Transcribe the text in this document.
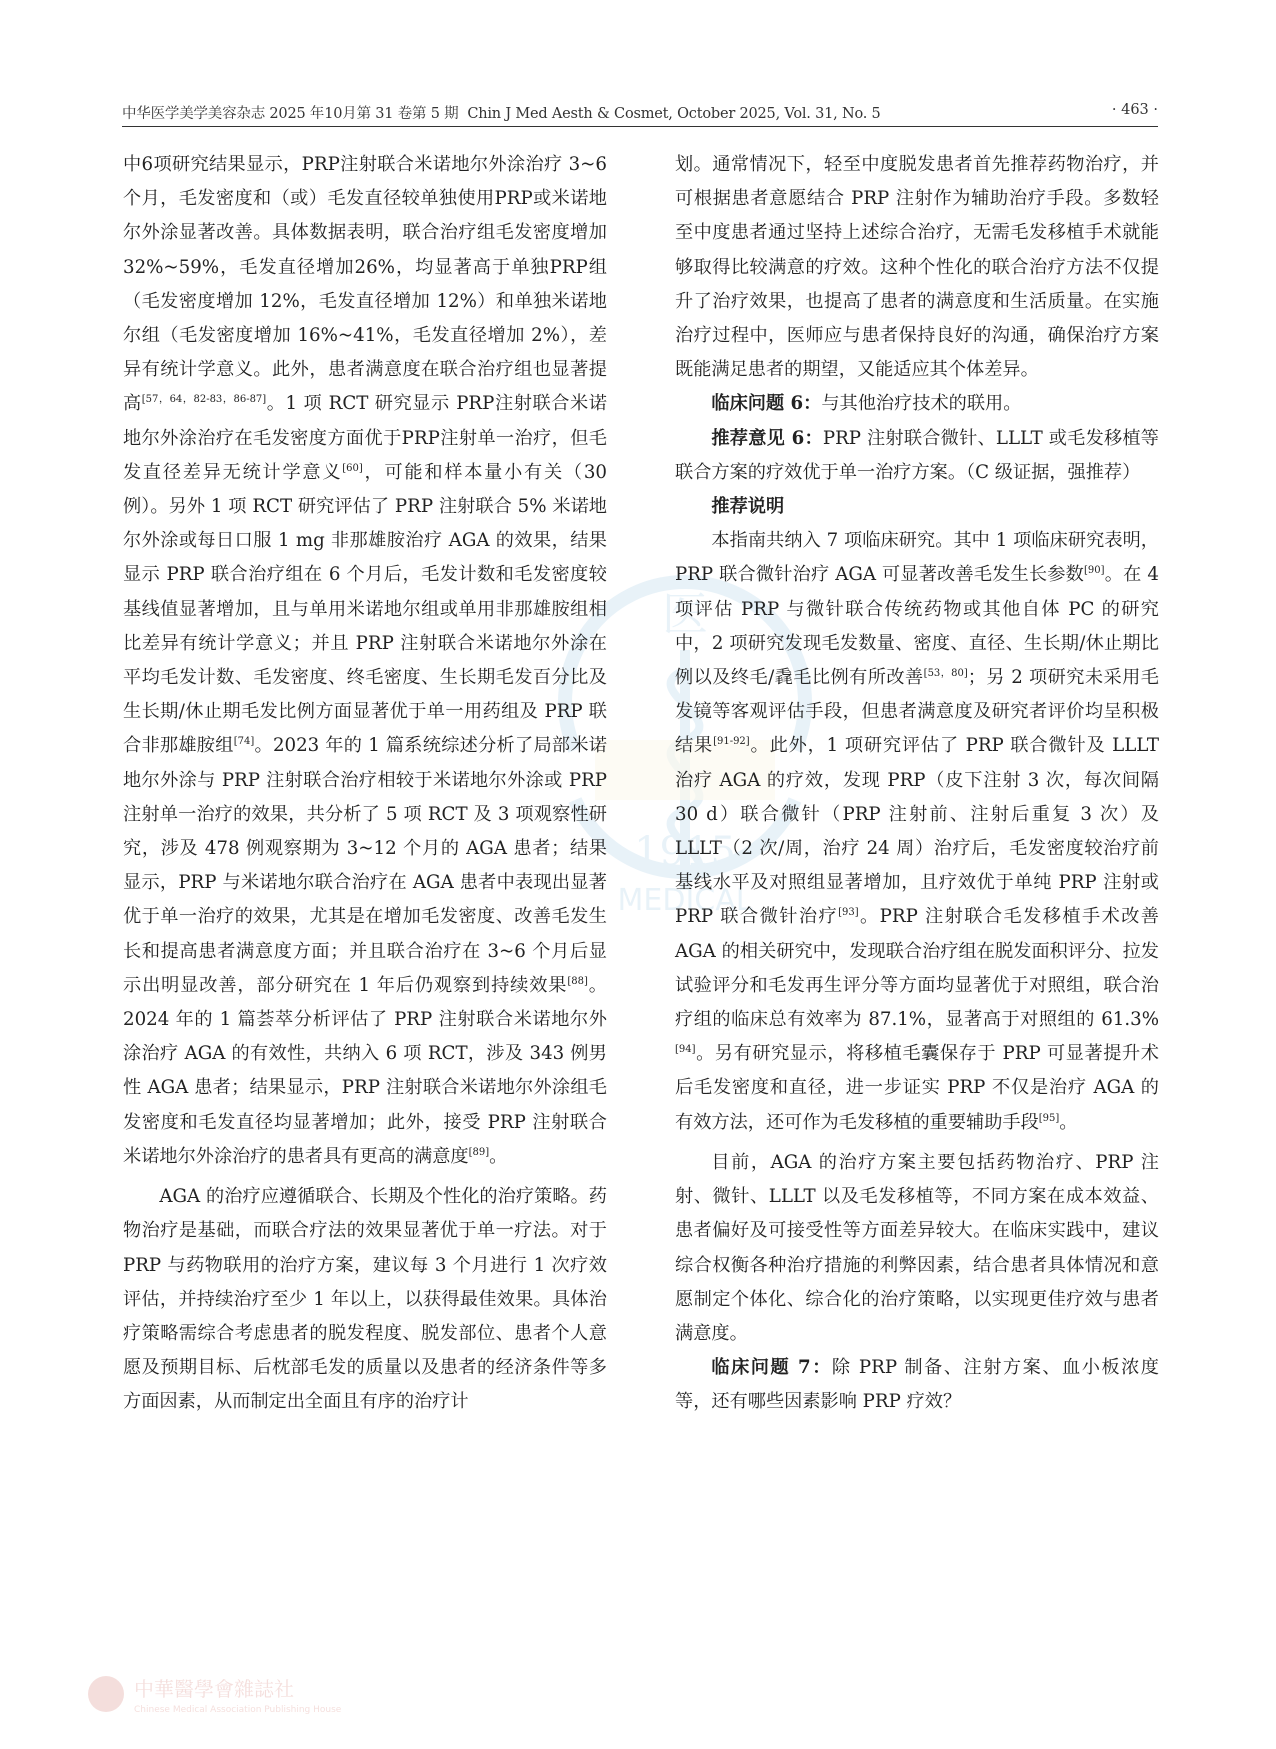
中华医学美学美容杂志 2025 年10月第 31 卷第 5 期 Chin J Med Aesth & Cosmet, October 2025, Vol. 31, No. 5	· 463 ·
医
1915
MEDICAL

中6项研究结果显示，PRP注射联合米诺地尔外涂治疗 3~6 个月，毛发密度和（或）毛发直径较单独使用PRP或米诺地尔外涂显著改善。具体数据表明，联合治疗组毛发密度增加 32%~59%，毛发直径增加26%，均显著高于单独PRP组（毛发密度增加 12%，毛发直径增加 12%）和单独米诺地尔组（毛发密度增加 16%~41%，毛发直径增加 2%），差异有统计学意义。此外，患者满意度在联合治疗组也显著提高[57，64，82-83，86-87]。1 项 RCT 研究显示 PRP注射联合米诺地尔外涂治疗在毛发密度方面优于PRP注射单一治疗，但毛发直径差异无统计学意义[60]，可能和样本量小有关（30 例）。另外 1 项 RCT 研究评估了 PRP 注射联合 5% 米诺地尔外涂或每日口服 1 mg 非那雄胺治疗 AGA 的效果，结果显示 PRP 联合治疗组在 6 个月后，毛发计数和毛发密度较基线值显著增加，且与单用米诺地尔组或单用非那雄胺组相比差异有统计学意义；并且 PRP 注射联合米诺地尔外涂在平均毛发计数、毛发密度、终毛密度、生长期毛发百分比及生长期/休止期毛发比例方面显著优于单一用药组及 PRP 联合非那雄胺组[74]。2023 年的 1 篇系统综述分析了局部米诺地尔外涂与 PRP 注射联合治疗相较于米诺地尔外涂或 PRP 注射单一治疗的效果，共分析了 5 项 RCT 及 3 项观察性研究，涉及 478 例观察期为 3~12 个月的 AGA 患者；结果显示，PRP 与米诺地尔联合治疗在 AGA 患者中表现出显著优于单一治疗的效果，尤其是在增加毛发密度、改善毛发生长和提高患者满意度方面；并且联合治疗在 3~6 个月后显示出明显改善，部分研究在 1 年后仍观察到持续效果[88]。2024 年的 1 篇荟萃分析评估了 PRP 注射联合米诺地尔外涂治疗 AGA 的有效性，共纳入 6 项 RCT，涉及 343 例男性 AGA 患者；结果显示，PRP 注射联合米诺地尔外涂组毛发密度和毛发直径均显著增加；此外，接受 PRP 注射联合米诺地尔外涂治疗的患者具有更高的满意度[89]。

AGA 的治疗应遵循联合、长期及个性化的治疗策略。药物治疗是基础，而联合疗法的效果显著优于单一疗法。对于 PRP 与药物联用的治疗方案，建议每 3 个月进行 1 次疗效评估，并持续治疗至少 1 年以上，以获得最佳效果。具体治疗策略需综合考虑患者的脱发程度、脱发部位、患者个人意愿及预期目标、后枕部毛发的质量以及患者的经济条件等多方面因素，从而制定出全面且有序的治疗计

划。通常情况下，轻至中度脱发患者首先推荐药物治疗，并可根据患者意愿结合 PRP 注射作为辅助治疗手段。多数轻至中度患者通过坚持上述综合治疗，无需毛发移植手术就能够取得比较满意的疗效。这种个性化的联合治疗方法不仅提升了治疗效果，也提高了患者的满意度和生活质量。在实施治疗过程中，医师应与患者保持良好的沟通，确保治疗方案既能满足患者的期望，又能适应其个体差异。

临床问题 6：与其他治疗技术的联用。

推荐意见 6：PRP 注射联合微针、LLLT 或毛发移植等联合方案的疗效优于单一治疗方案。（C 级证据，强推荐）

推荐说明

本指南共纳入 7 项临床研究。其中 1 项临床研究表明，PRP 联合微针治疗 AGA 可显著改善毛发生长参数[90]。在 4 项评估 PRP 与微针联合传统药物或其他自体 PC 的研究中，2 项研究发现毛发数量、密度、直径、生长期/休止期比例以及终毛/毳毛比例有所改善[53，80]；另 2 项研究未采用毛发镜等客观评估手段，但患者满意度及研究者评价均呈积极结果[91-92]。此外，1 项研究评估了 PRP 联合微针及 LLLT 治疗 AGA 的疗效，发现 PRP（皮下注射 3 次，每次间隔 30 d）联合微针（PRP 注射前、注射后重复 3 次）及 LLLT（2 次/周，治疗 24 周）治疗后，毛发密度较治疗前基线水平及对照组显著增加，且疗效优于单纯 PRP 注射或 PRP 联合微针治疗[93]。PRP 注射联合毛发移植手术改善 AGA 的相关研究中，发现联合治疗组在脱发面积评分、拉发试验评分和毛发再生评分等方面均显著优于对照组，联合治疗组的临床总有效率为 87.1%，显著高于对照组的 61.3%[94]。另有研究显示，将移植毛囊保存于 PRP 可显著提升术后毛发密度和直径，进一步证实 PRP 不仅是治疗 AGA 的有效方法，还可作为毛发移植的重要辅助手段[95]。

目前，AGA 的治疗方案主要包括药物治疗、PRP 注射、微针、LLLT 以及毛发移植等，不同方案在成本效益、患者偏好及可接受性等方面差异较大。在临床实践中，建议综合权衡各种治疗措施的利弊因素，结合患者具体情况和意愿制定个体化、综合化的治疗策略，以实现更佳疗效与患者满意度。

临床问题 7：除 PRP 制备、注射方案、血小板浓度等，还有哪些因素影响 PRP 疗效？

中華醫學會雜誌社
Chinese Medical Association Publishing House
